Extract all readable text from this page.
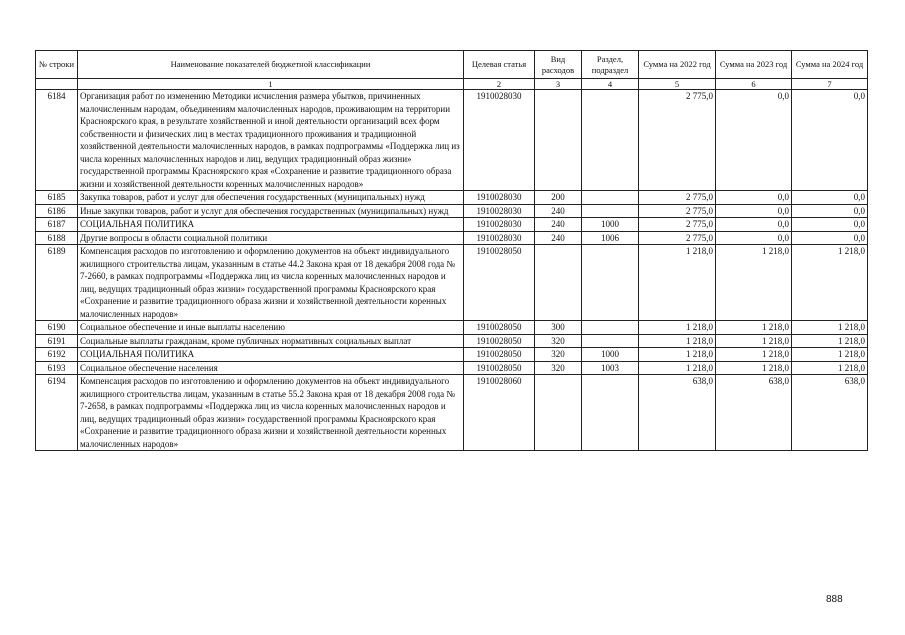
№ строки	Наименование показателей бюджетной классификации	Целевая статья	Вид расходов	Раздел, подраздел	Сумма на 2022 год	Сумма на 2023 год	Сумма на 2024 год
	1	2	3	4	5	6	7
6184	Организация работ по изменению Методики исчисления размера убытков, причиненных малочисленным народам, объединениям малочисленных народов, проживающим на территории Красноярского края, в результате хозяйственной и иной деятельности организаций всех форм собственности и физических лиц в местах традиционного проживания и традиционной хозяйственной деятельности малочисленных народов, в рамках подпрограммы «Поддержка лиц из числа коренных малочисленных народов и лиц, ведущих традиционный образ жизни» государственной программы Красноярского края «Сохранение и развитие традиционного образа жизни и хозяйственной деятельности коренных малочисленных народов»	1910028030			2 775,0	0,0	0,0
6185	Закупка товаров, работ и услуг для обеспечения государственных (муниципальных) нужд	1910028030	200		2 775,0	0,0	0,0
6186	Иные закупки товаров, работ и услуг для обеспечения государственных (муниципальных) нужд	1910028030	240		2 775,0	0,0	0,0
6187	СОЦИАЛЬНАЯ ПОЛИТИКА	1910028030	240	1000	2 775,0	0,0	0,0
6188	Другие вопросы в области социальной политики	1910028030	240	1006	2 775,0	0,0	0,0
6189	Компенсация расходов по изготовлению и оформлению документов на объект индивидуального жилищного строительства лицам, указанным в статье 44.2 Закона края от 18 декабря 2008 года № 7-2660, в рамках подпрограммы «Поддержка лиц из числа коренных малочисленных народов и лиц, ведущих традиционный образ жизни» государственной программы Красноярского края «Сохранение и развитие традиционного образа жизни и хозяйственной деятельности коренных малочисленных народов»	1910028050			1 218,0	1 218,0	1 218,0
6190	Социальное обеспечение и иные выплаты населению	1910028050	300		1 218,0	1 218,0	1 218,0
6191	Социальные выплаты гражданам, кроме публичных нормативных социальных выплат	1910028050	320		1 218,0	1 218,0	1 218,0
6192	СОЦИАЛЬНАЯ ПОЛИТИКА	1910028050	320	1000	1 218,0	1 218,0	1 218,0
6193	Социальное обеспечение населения	1910028050	320	1003	1 218,0	1 218,0	1 218,0
6194	Компенсация расходов по изготовлению и оформлению документов на объект индивидуального жилищного строительства лицам, указанным в статье 55.2 Закона края от 18 декабря 2008 года № 7-2658, в рамках подпрограммы «Поддержка лиц из числа коренных малочисленных народов и лиц, ведущих традиционный образ жизни» государственной программы Красноярского края «Сохранение и развитие традиционного образа жизни и хозяйственной деятельности коренных малочисленных народов»	1910028060			638,0	638,0	638,0
888
